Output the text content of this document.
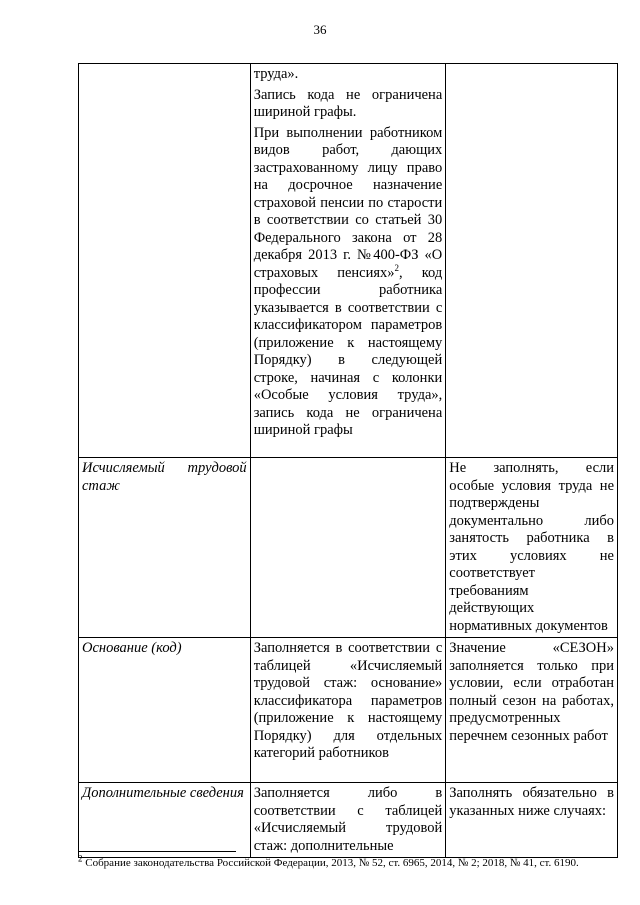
36

	труда».

Запись кода не ограничена шириной графы.

При выполнении работником видов работ, дающих застрахованному лицу право на досрочное назначение страховой пенсии по старости в соответствии со статьей 30 Федерального закона от 28 декабря 2013 г. №400-ФЗ «О страховых пенсиях»$^2$, код профессии работника указывается в соответствии с классификатором параметров (приложение к настоящему Порядку) в следующей строке, начиная с колонки «Особые условия труда», запись кода не ограничена шириной графы	

Исчисляемый трудовой стаж		Не заполнять, если особые условия труда не подтверждены документально либо занятость работника в этих условиях не соответствует требованиям действующих нормативных документов
Основание (код)	Заполняется в соответствии с таблицей «Исчисляемый трудовой стаж: основание» классификатора параметров (приложение к настоящему Порядку) для отдельных категорий работников	Значение «СЕЗОН» заполняется только при условии, если отработан полный сезон на работах, предусмотренных перечнем сезонных работ
Дополнительные сведения	Заполняется либо в соответствии с таблицей «Исчисляемый трудовой стаж: дополнительные	Заполнять обязательно в указанных ниже случаях:
$^2$ Собрание законодательства Российской Федерации, 2013, № 52, ст. 6965, 2014, № 2; 2018, № 41, ст. 6190.
